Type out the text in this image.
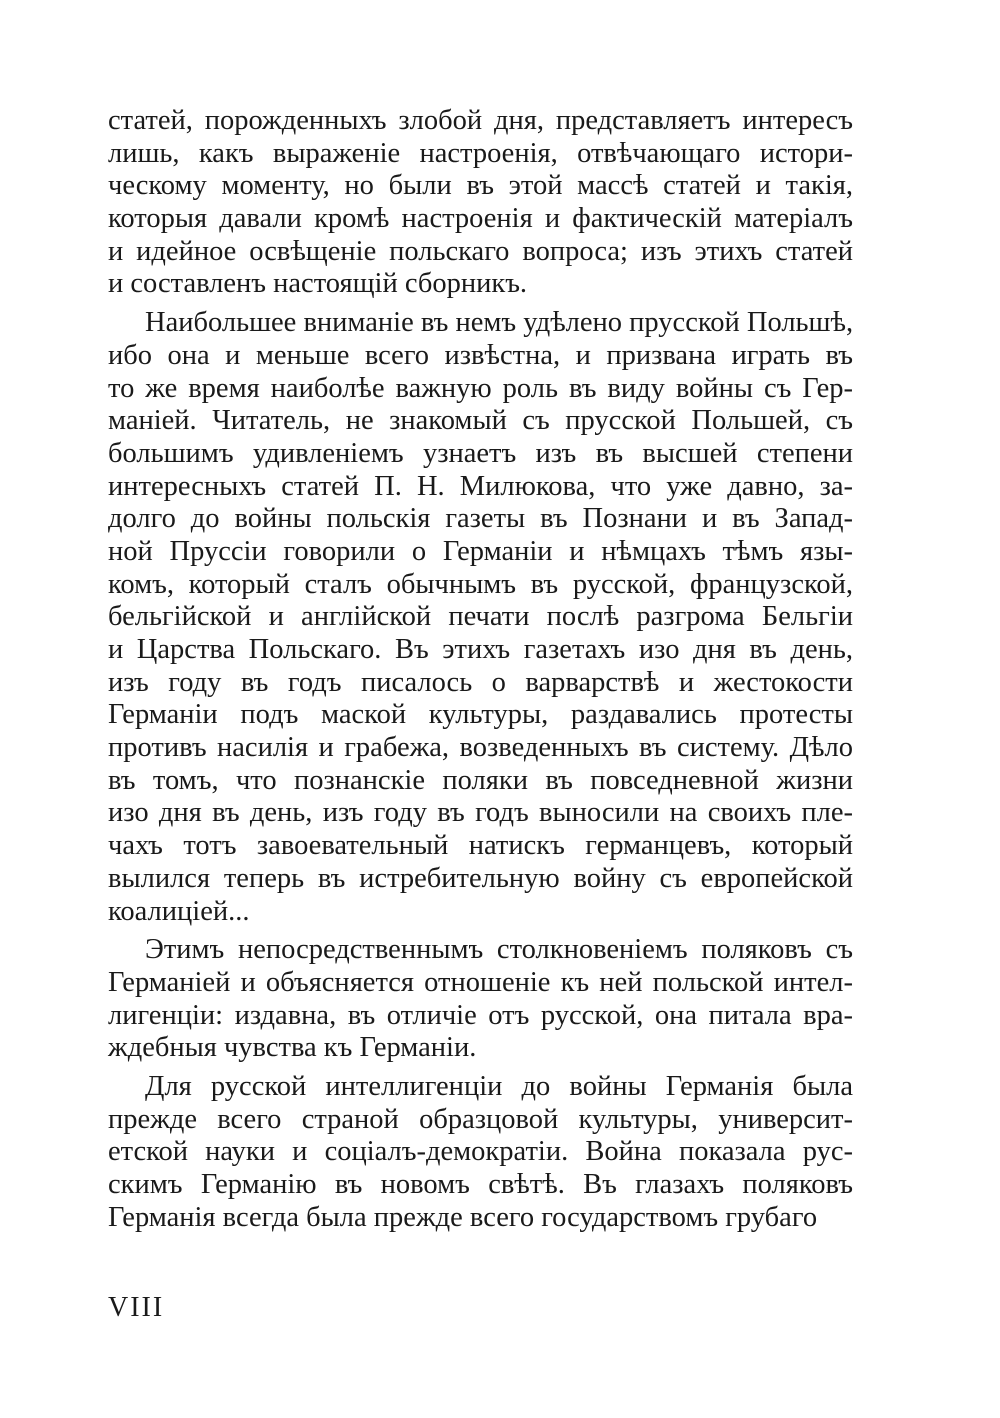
статей, порожденныхъ злобой дня, представляетъ интересъ
лишь, какъ выраженіе настроенія, отвѣчающаго истори-
ческому моменту, но были въ этой массѣ статей и такія,
которыя давали кромѣ настроенія и фактическій матеріалъ
и идейное освѣщеніе польскаго вопроса; изъ этихъ статей
и составленъ настоящій сборникъ.
Наибольшее вниманіе въ немъ удѣлено прусской Польшѣ,
ибо она и меньше всего извѣстна, и призвана играть въ
то же время наиболѣе важную роль въ виду войны съ Гер-
маніей. Читатель, не знакомый съ прусской Польшей, съ
большимъ удивленіемъ узнаетъ изъ въ высшей степени
интересныхъ статей П. Н. Милюкова, что уже давно, за-
долго до войны польскія газеты въ Познани и въ Запад-
ной Пруссіи говорили о Германіи и нѣмцахъ тѣмъ язы-
комъ, который сталъ обычнымъ въ русской, французской,
бельгійской и англійской печати послѣ разгрома Бельгіи
и Царства Польскаго. Въ этихъ газетахъ изо дня въ день,
изъ году въ годъ писалось о варварствѣ и жестокости
Германіи подъ маской культуры, раздавались протесты
противъ насилія и грабежа, возведенныхъ въ систему. Дѣло
въ томъ, что познанскіе поляки въ повседневной жизни
изо дня въ день, изъ году въ годъ выносили на своихъ пле-
чахъ тотъ завоевательный натискъ германцевъ, который
вылился теперь въ истребительную войну съ европейской
коалиціей...
Этимъ непосредственнымъ столкновеніемъ поляковъ съ
Германіей и объясняется отношеніе къ ней польской интел-
лигенціи: издавна, въ отличіе отъ русской, она питала вра-
ждебныя чувства къ Германіи.
Для русской интеллигенціи до войны Германія была
прежде всего страной образцовой культуры, университ-
етской науки и соціалъ-демократіи. Война показала рус-
скимъ Германію въ новомъ свѣтѣ. Въ глазахъ поляковъ
Германія всегда была прежде всего государствомъ грубаго
VIII
